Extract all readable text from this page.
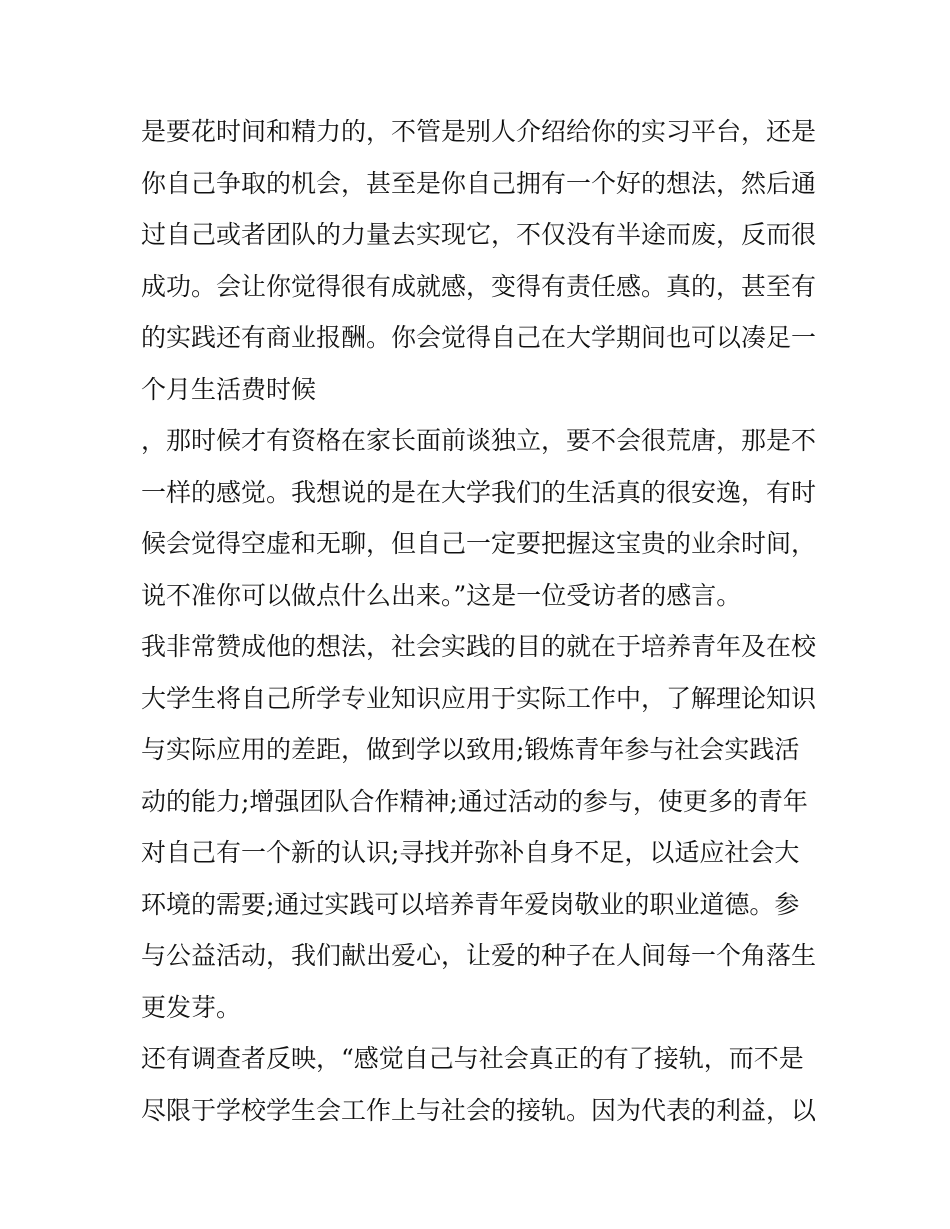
是要花时间和精力的，不管是别人介绍给你的实习平台，还是
你自己争取的机会，甚至是你自己拥有一个好的想法，然后通
过自己或者团队的力量去实现它，不仅没有半途而废，反而很
成功。会让你觉得很有成就感，变得有责任感。真的，甚至有
的实践还有商业报酬。你会觉得自己在大学期间也可以凑足一
个月生活费时候
，那时候才有资格在家长面前谈独立，要不会很荒唐，那是不
一样的感觉。我想说的是在大学我们的生活真的很安逸，有时
候会觉得空虚和无聊，但自己一定要把握这宝贵的业余时间，
说不准你可以做点什么出来。”这是一位受访者的感言。
我非常赞成他的想法，社会实践的目的就在于培养青年及在校
大学生将自己所学专业知识应用于实际工作中，了解理论知识
与实际应用的差距，做到学以致用;锻炼青年参与社会实践活
动的能力;增强团队合作精神;通过活动的参与，使更多的青年
对自己有一个新的认识;寻找并弥补自身不足，以适应社会大
环境的需要;通过实践可以培养青年爱岗敬业的职业道德。参
与公益活动，我们献出爱心，让爱的种子在人间每一个角落生
更发芽。
还有调查者反映，“感觉自己与社会真正的有了接轨，而不是
尽限于学校学生会工作上与社会的接轨。因为代表的利益，以
